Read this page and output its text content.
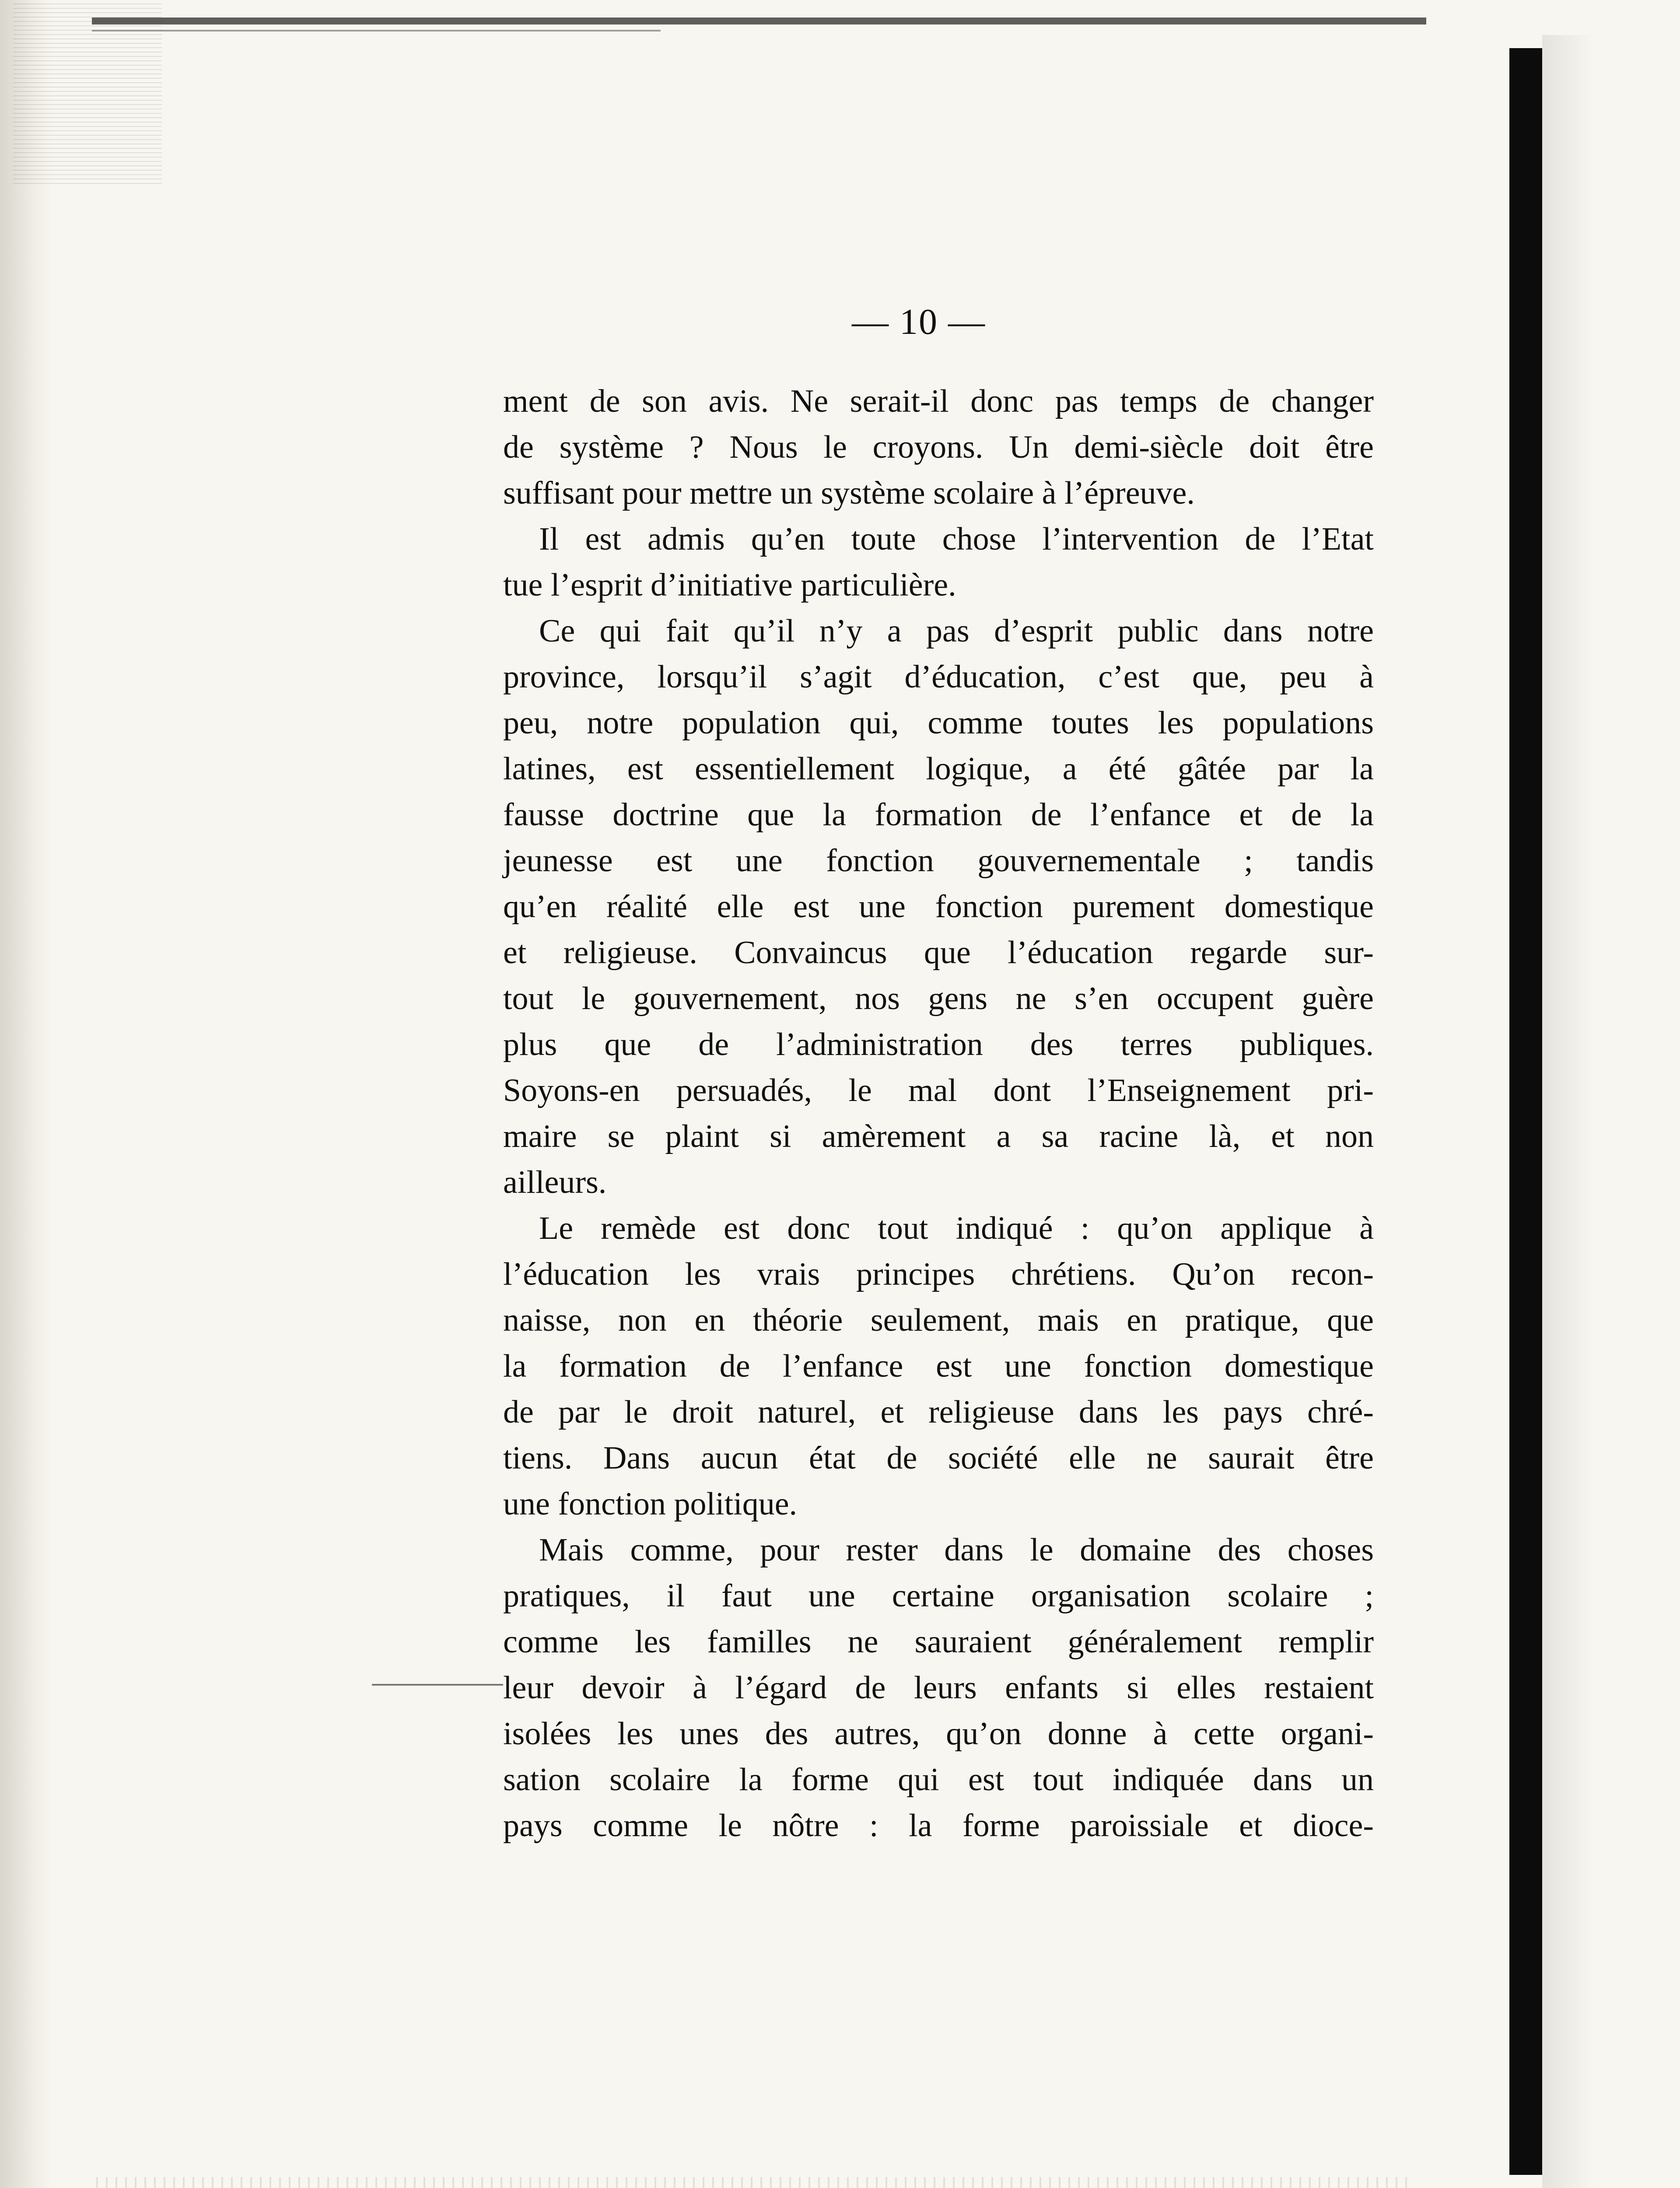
— 10 —
ment de son avis. Ne serait-il donc pas temps de changer
de système ? Nous le croyons. Un demi-siècle doit être
suffisant pour mettre un système scolaire à l’épreuve.
Il est admis qu’en toute chose l’intervention de l’Etat
tue l’esprit d’initiative particulière.
Ce qui fait qu’il n’y a pas d’esprit public dans notre
province, lorsqu’il s’agit d’éducation, c’est que, peu à
peu, notre population qui, comme toutes les populations
latines, est essentiellement logique, a été gâtée par la
fausse doctrine que la formation de l’enfance et de la
jeunesse est une fonction gouvernementale ; tandis
qu’en réalité elle est une fonction purement domestique
et religieuse. Convaincus que l’éducation regarde sur-
tout le gouvernement, nos gens ne s’en occupent guère
plus que de l’administration des terres publiques.
Soyons-en persuadés, le mal dont l’Enseignement pri-
maire se plaint si amèrement a sa racine là, et non
ailleurs.
Le remède est donc tout indiqué : qu’on applique à
l’éducation les vrais principes chrétiens. Qu’on recon-
naisse, non en théorie seulement, mais en pratique, que
la formation de l’enfance est une fonction domestique
de par le droit naturel, et religieuse dans les pays chré-
tiens. Dans aucun état de société elle ne saurait être
une fonction politique.
Mais comme, pour rester dans le domaine des choses
pratiques, il faut une certaine organisation scolaire ;
comme les familles ne sauraient généralement remplir
leur devoir à l’égard de leurs enfants si elles restaient
isolées les unes des autres, qu’on donne à cette organi-
sation scolaire la forme qui est tout indiquée dans un
pays comme le nôtre : la forme paroissiale et dioce-
